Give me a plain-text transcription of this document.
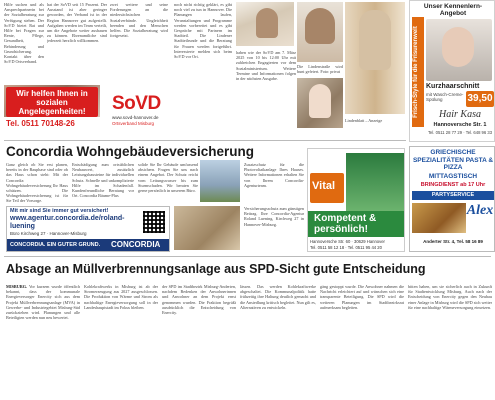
Hilfe suchen und als Ansprechpartnerin bei der Sozialberatung zur Verfügung stehen. Der SoVD bietet Rat und Hilfe bei Fragen zur Rente, Pflege, Gesundheit, Behinderung und Grundsicherung. Kontakt über den SoVD Ortsverband.
hat der SoVD seit 15 Prozent. Der Ausstand ist aber geringer geworden, der Verband ist in der Region Hannover gut aufgestellt. Aufgaben werden im Team verteilt, um die Angebote weiter ausbauen zu können. Ehrenamtliche sind jederzeit herzlich willkommen.
zwei weitere und seine Forderungen an die niedersächsischen Sozialverbände. Ungleichheit beenden und den Menschen helfen. Die Sozialberatung wird fortgesetzt.
Wir helfen Ihnen in sozialen Angelegenheiten!
Tel. 0511 70148-26
SoVD
www.sovd-hannover.de
Ortsverband Misburg
noch nicht richtig geklärt, es gibt noch viel zu tun in Hannover. Die Planungen laufen, Veranstaltungen und Programme werden vorbereitet und es gibt Gespräche mit Partnern im Stadtteil. Die Lindener Stadtteilrunde und die Beratung für Frauen werden fortgeführt. Interessierte melden sich beim SoVD vor Ort.
haben wie der SoVD am 7. März 2025 von 10 bis 12:00 Uhr mit zahlreichen Engagierten vor dem Sozialministerium. Weitere Termine und Informationen folgen in der nächsten Ausgabe.
Die Lindenstraße wird bunt gefeiert. Foto: privat
Lindenblatt – Anzeige
Unser Kennenlern-Angebot
Frisch-Style für die Frisurenwelt	Kurzhaarschnitt
mit Wasch-Creme-Spülung	39,50
Hair Kasa
Hannoversche Str. 1
Tel. 0511 28 77 29 · Tel. 648 96 33
Concordia Wohngebäudeversicherung
Ganz gleich ob Sie erst planen, bereits in der Bauphase sind oder ob das Haus schon steht: Mit der Concordia Wohngebäudeversicherung Ihr Haus schützen. Die Wohngebäudeversicherung ist für Sie Teil der Vorsorge.
Entschädigung zum ortsüblichen Neubauwert, zusätzlich Leistungsbausteine für individuellen Schutz. Schnelle und unkomplizierte Hilfe im Schadenfall. Kundenfreundliche Beratung vor Ort. Concordia Bäume-Plus
solide Sie Ihr Gebäude umfassend absichern. Fragen Sie uns nach einem Angebot. Der Schutz reicht vom Leitungswasser bis zum Sturmschaden. Wir beraten Sie gerne persönlich in unserem Büro.
Zusatzschutz für die Photovoltaikanlage Ihres Hauses. Weitere Informationen erhalten Sie von Ihrem Concordia-Agenturteam.
Mit mir sind Sie immer gut versichert!
www.agentur.concordia.de/roland-luening
Büro Kirchweg 27 · Hannover-Misburg
CONCORDIA. EIN GUTER GRUND. CONCORDIA
Versicherungsschutz zum günstigen Beitrag. Ihre Concordia-Agentur Roland Luening, Kirchweg 27 in Hannover-Misburg.
Vital
Kompetent &
persönlich!
Hannoversche Str. 60 · 30629 Hannover
Tel. 0511 58 12 18 · Tel. 0511 95 44 20
GRIECHISCHE SPEZIALITÄTEN PASTA & PIZZA
MITTAGSTISCH
BRINGDIENST ab 17 Uhr
PARTYSERVICE
Alex
Anderter Str. 4, Tel. 58 16 89
Absage an Müllverbrennungsanlage aus SPD-Sicht gute Entscheidung
MISBURG. Vor kurzem wurde öffentlich bekannt, dass der kommunale Energieversorger Enercity sich aus dem Projekt Müllverbrennungsanlage (MVA) in Gewerbe- und Industriegebiet Misburg-Süd zurückziehen wird. Planungen und alle Beteiligten werden nun neu bewertet.
Kohlekraftwerks in Misburg ist ab der Stromerzeugung aus 2027 ausgeschlossen. Die Produktion von Wärme und Strom als nachhaltige Energieversorgung soll in der Landeshauptstadt im Fokus bleiben.
der SPD im Stadtbezirk Misburg-Anderten, nachdem Bedenken der Anwohnerinnen und Anwohner an dem Projekt ernst genommen wurden. Die Fraktion begrüßt ausdrücklich die Entscheidung von Enercity.
lässen. Das werden Kohlekraftwerke abgeschaltet. Die Kommunalpolitik hatte frühzeitig ihre Haltung deutlich gemacht und die Ansiedlung kritisch begleitet. Nun gilt es, Alternativen zu entwickeln.
gäng gestoppt wurde. Die Anwohner nahmen die Nachricht erleichtert auf und wünschen sich eine transparente Beteiligung. Die SPD wird die weiteren Planungen im Stadtbezirksrat aufmerksam begleiten.
bitten haben, um sie sicherlich auch in Zukunft für Stadtentwicklung Misburg. Auch nach der Entscheidung von Enercity gegen den Neubau einer Anlage in Misburg wird die SPD sich weiter für eine nachhaltige Wärmeversorgung einsetzen.
